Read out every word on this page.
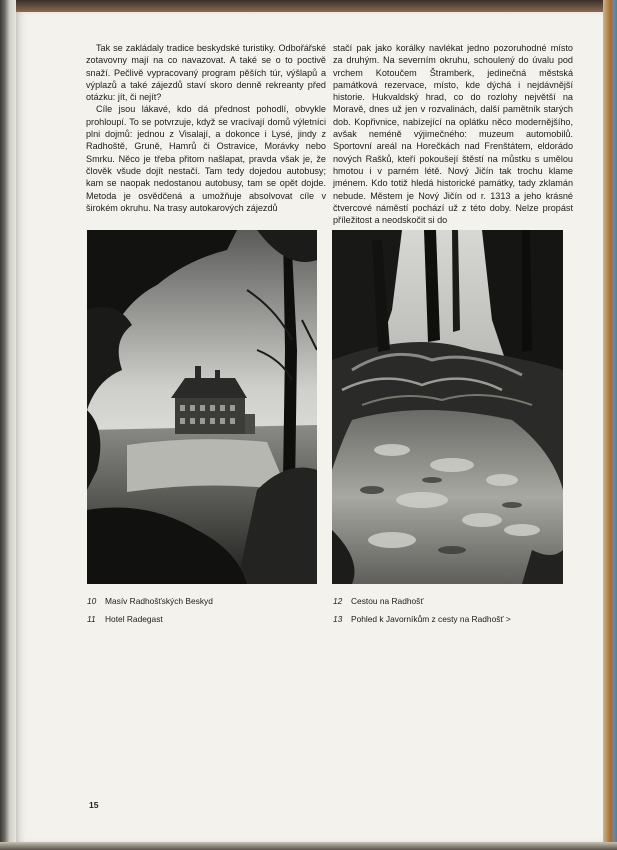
Tak se zakládaly tradice beskydské turistiky. Odbořářské zotavovny mají na co navazovat. A také se o to poctivě snaží. Pečlivě vypracovaný program pěších túr, výšlapů a výplazů a také zájezdů staví skoro denně rekreanty před otázku: jít, či nejít?

Cíle jsou lákavé, kdo dá přednost pohodlí, obvykle prohloupí. To se potvrzuje, když se vracívají domů výletníci plni dojmů: jednou z Visalají, a dokonce i Lysé, jindy z Radhoště, Gruně, Hamrů či Ostravice, Morávky nebo Smrku. Něco je třeba přitom našlapat, pravda však je, že člověk všude dojít nestačí. Tam tedy dojedou autobusy; kam se naopak nedostanou autobusy, tam se opět dojde. Metoda je osvědčená a umožňuje absolvovat cíle v širokém okruhu. Na trasy autokarových zájezdů

stačí pak jako korálky navlékat jedno pozoruhodné místo za druhým. Na severním okruhu, schoulený do úvalu pod vrchem Kotoučem Štramberk, jedinečná městská památková rezervace, místo, kde dýchá i nejdávnější historie. Hukvaldský hrad, co do rozlohy největší na Moravě, dnes už jen v rozvalinách, další pamětník starých dob. Kopřivnice, nabízející na oplátku něco modernějšího, avšak neméně výjimečného: muzeum automobilů. Sportovní areál na Horečkách nad Frenštátem, eldorádo nových Rašků, kteří pokoušejí štěstí na můstku s umělou hmotou i v parném létě. Nový Jičín tak trochu klame jménem. Kdo totiž hledá historické památky, tady zklamán nebude. Městem je Nový Jičín od r. 1313 a jeho krásné čtvercové náměstí pochází už z této doby. Nelze propást příležitost a neodskočit si do

10 Masív Radhošťských Beskyd
11 Hotel Radegast
12 Cestou na Radhošť
13 Pohled k Javorníkům z cesty na Radhošť >
15
